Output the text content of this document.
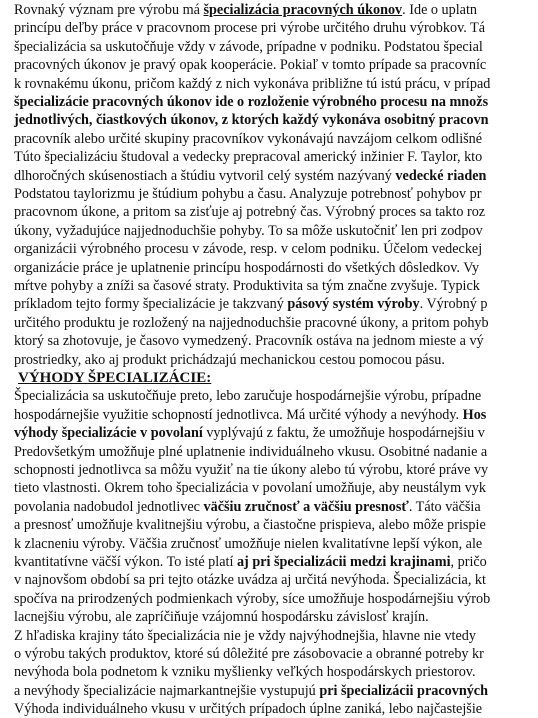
Rovnaký význam pre výrobu má špecializácia pracovných úkonov. Ide o uplatn
princípu deľby práce v pracovnom procese pri výrobe určitého druhu výrobkov. Tá
špecializácia sa uskutočňuje vždy v závode, prípadne v podniku. Podstatou špecial
pracovných úkonov je pravý opak kooperácie. Pokiaľ v tomto prípade sa pracovníc
k rovnakému úkonu, pričom každý z nich vykonáva približne tú istú prácu, v prípad
špecializácie pracovných úkonov ide o rozloženie výrobného procesu na množs
jednotlivých, čiastkových úkonov, z ktorých každý vykonáva osobitný pracovn
pracovník alebo určité skupiny pracovníkov vykonávajú navzájom celkom odlišné
Túto špecializáciu študoval a vedecky prepracoval americký inžinier F. Taylor, kto
dlhoročných skúsenostiach a štúdiu vytvoril celý systém nazývaný vedecké riaden
Podstatou taylorizmu je štúdium pohybu a času. Analyzuje potrebnosť pohybov pr
pracovnom úkone, a pritom sa zisťuje aj potrebný čas. Výrobný proces sa takto roz
úkony, vyžadujúce najjednoduchšie pohyby. To sa môže uskutočniť len pri zodpov
organizácii výrobného procesu v závode, resp. v celom podniku. Účelom vedeckej
organizácie práce je uplatnenie princípu hospodárnosti do všetkých dôsledkov. Vy
mŕtve pohyby a zníži sa časové straty. Produktivita sa tým značne zvyšuje. Typick
príkladom tejto formy špecializácie je takzvaný pásový systém výroby. Výrobný p
určitého produktu je rozložený na najjednoduchšie pracovné úkony, a pritom pohyb
ktorý sa zhotovuje, je časovo vymedzený. Pracovník ostáva na jednom mieste a vý
prostriedky, ako aj produkt prichádzajú mechanickou cestou pomocou pásu.
VÝHODY ŠPECIALIZÁCIE:
Špecializácia sa uskutočňuje preto, lebo zaručuje hospodárnejšie výrobu, prípadne
hospodárnejšie využitie schopností jednotlivca. Má určité výhody a nevýhody. Hos
výhody špecializácie v povolaní vyplývajú z faktu, že umožňuje hospodárnejšiu v
Predovšetkým umožňuje plné uplatnenie individuálneho vkusu. Osobitné nadanie a
schopnosti jednotlivca sa môžu využiť na tie úkony alebo tú výrobu, ktoré práve vy
tieto vlastnosti. Okrem toho špecializácia v povolaní umožňuje, aby neustálym vyk
povolania nadobudol jednotlivec väčšiu zručnosť a väčšiu presnosť. Táto väčšia
a presnosť umožňuje kvalitnejšiu výrobu, a čiastočne prispieva, alebo môže prispie
k zlacneniu výroby. Väčšia zručnosť umožňuje nielen kvalitatívne lepší výkon, ale
kvantitatívne väčší výkon. To isté platí aj pri špecializácii medzi krajinami, pričo
v najnovšom období sa pri tejto otázke uvádza aj určitá nevýhoda. Špecializácia, kt
spočíva na prirodzených podmienkach výroby, síce umožňuje hospodárnejšiu výrob
lacnejšiu výrobu, ale zapríčiňuje vzájomnú hospodársku závislosť krajín.
Z hľadiska krajiny táto špecializácia nie je vždy najvýhodnejšia, hlavne nie vtedy
o výrobu takých produktov, ktoré sú dôležité pre zásobovacie a obranné potreby kr
nevýhoda bola podnetom k vzniku myšlienky veľkých hospodárskych priestorov.
a nevýhody špecializácie najmarkantnejšie vystupujú pri špecializácii pracovných
Výhoda individuálneho vkusu v určitých prípadoch úplne zaniká, lebo najčastejšie
